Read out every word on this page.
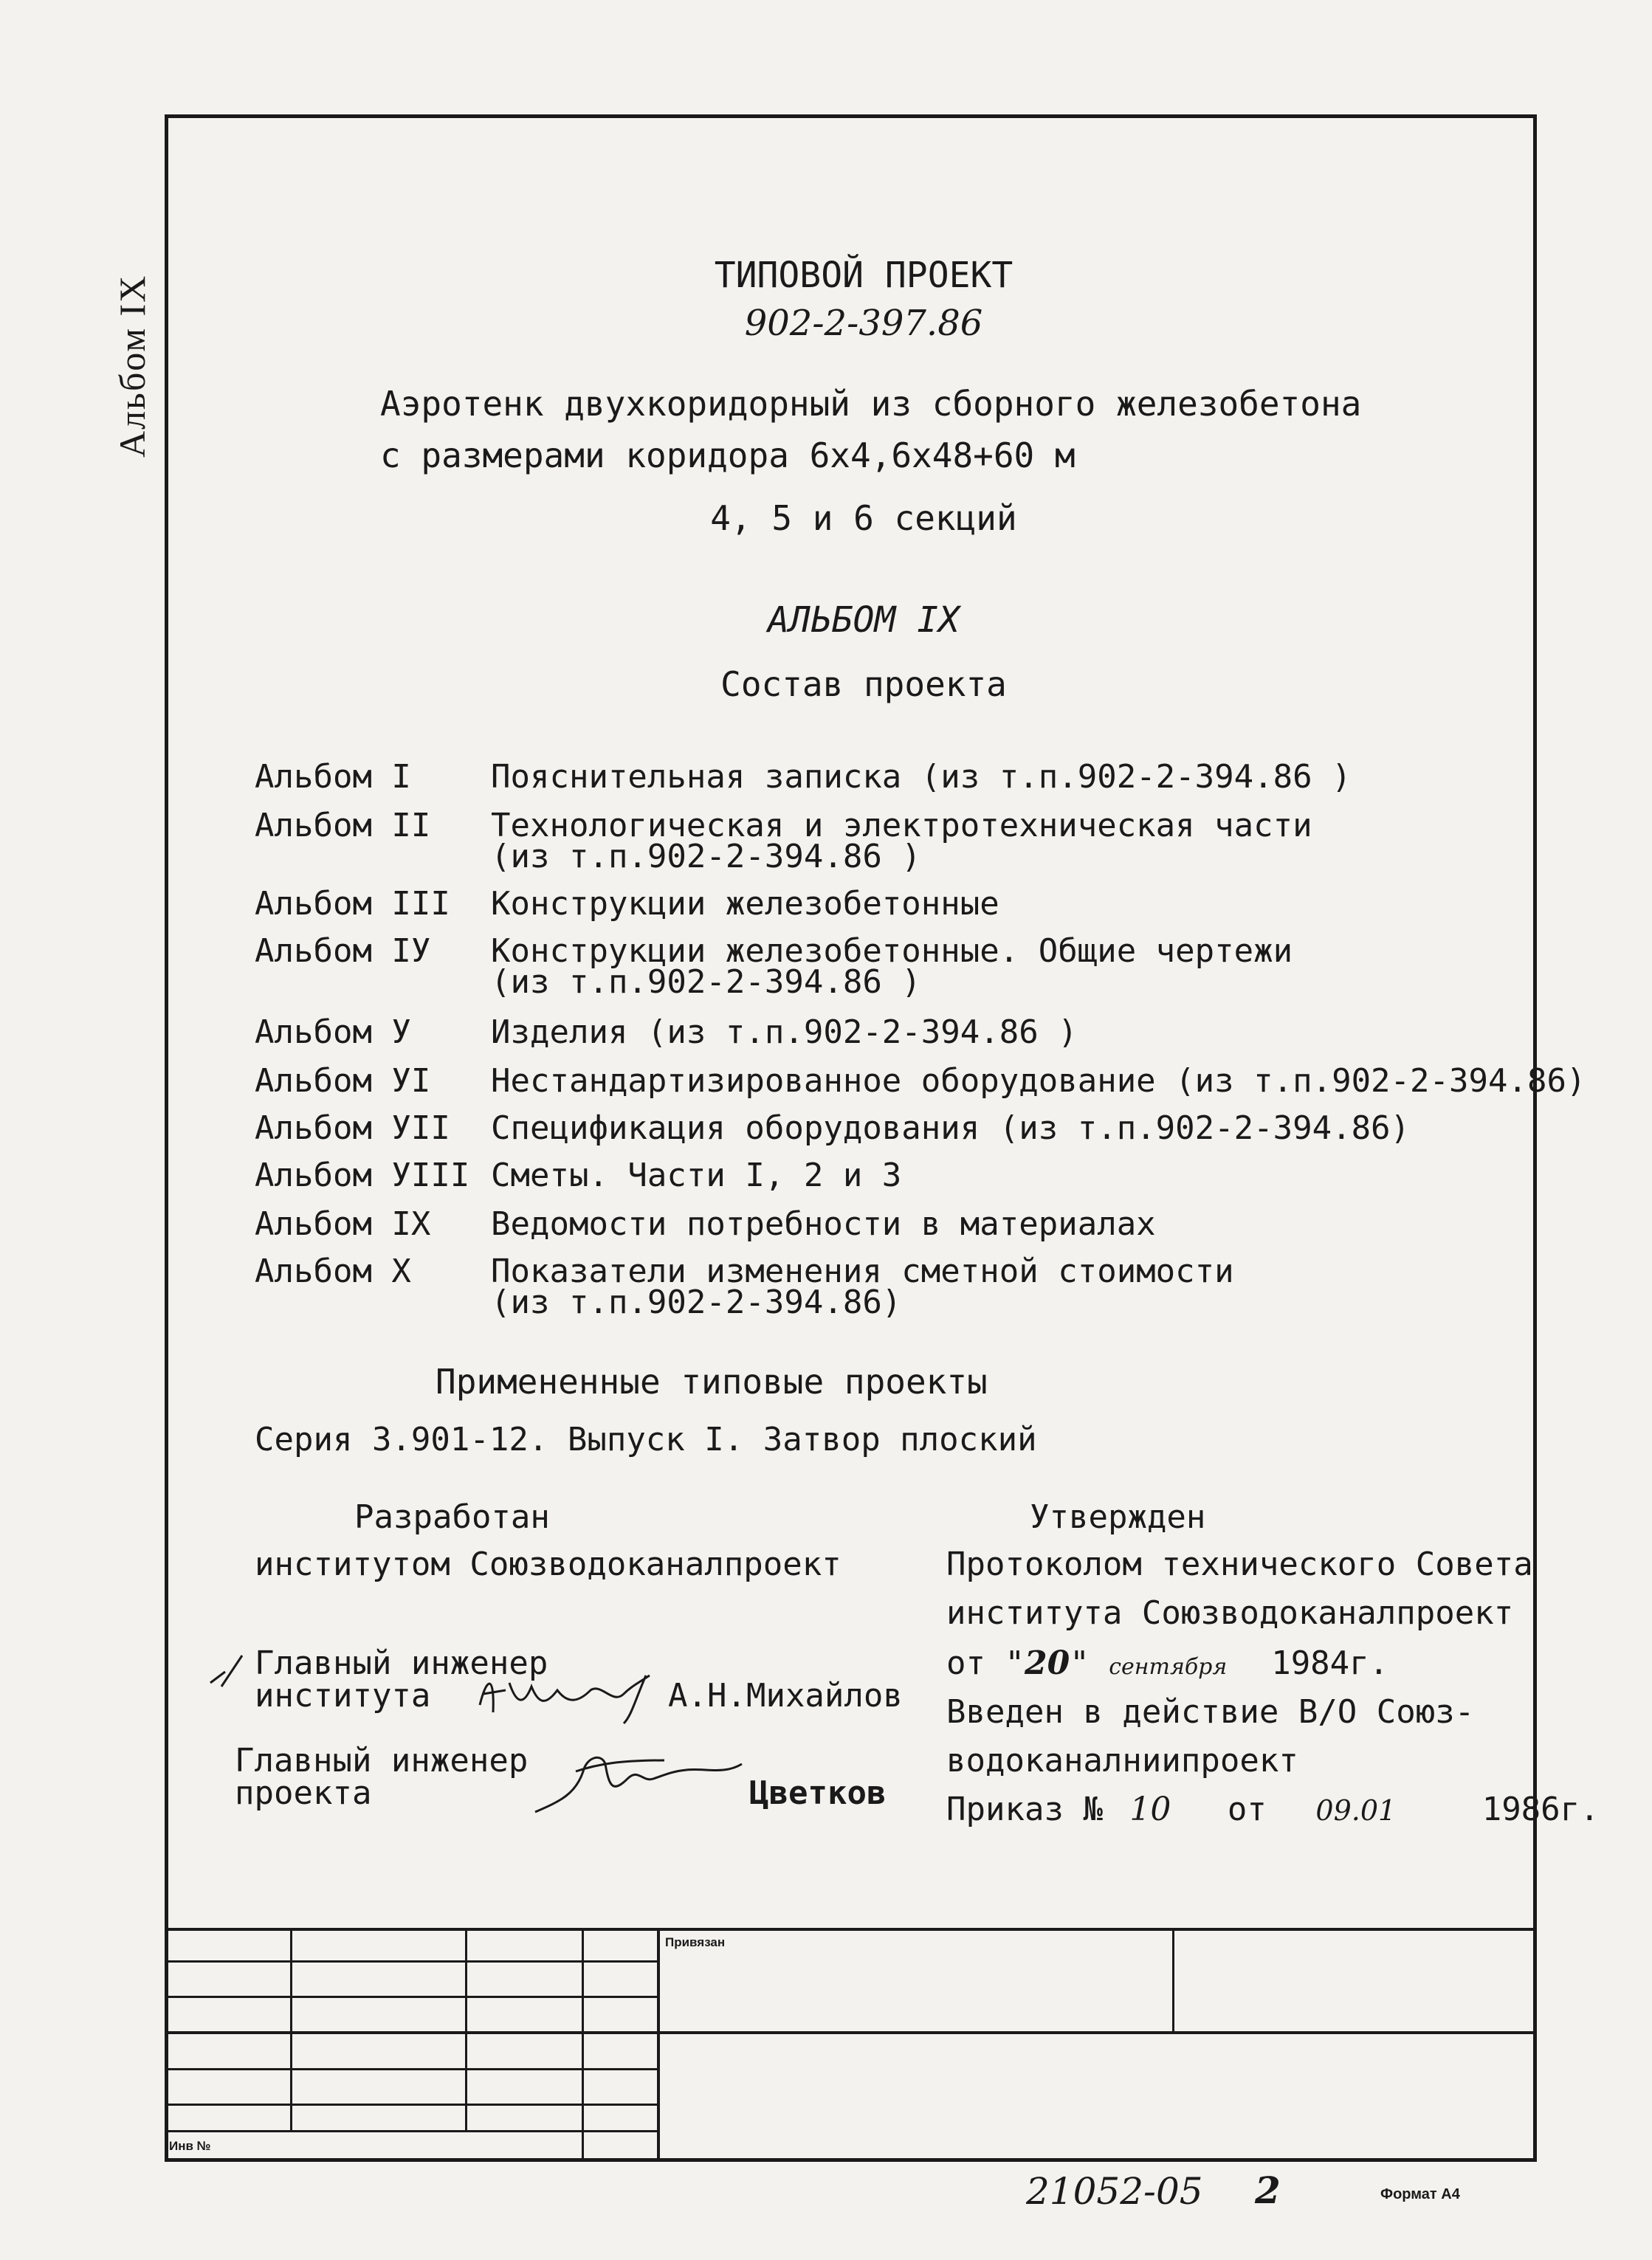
Альбом IX	ТИПОВОЙ ПРОЕКТ
902-2-397.86
Аэротенк двухкоридорный из сборного железобетона
с размерами коридора 6х4,6х48+60 м
4, 5 и 6 секций
АЛЬБОМ IX
Состав проекта
Альбом I	Пояснительная записка (из т.п.902-2-394.86 )
Альбом II	Технологическая и электротехническая части
(из т.п.902-2-394.86 )
Альбом III	Конструкции железобетонные
Альбом IУ	Конструкции железобетонные. Общие чертежи
(из т.п.902-2-394.86 )
Альбом У	Изделия (из т.п.902-2-394.86 )
Альбом УI	Нестандартизированное оборудование (из т.п.902-2-394.86)
Альбом УII	Спецификация оборудования (из т.п.902-2-394.86)
Альбом УIII Сметы. Части I, 2 и 3
Альбом IX	Ведомости потребности в материалах
Альбом X	Показатели изменения сметной стоимости
(из т.п.902-2-394.86)
Примененные типовые проекты
Серия 3.901-12. Выпуск I. Затвор плоский
Разработан
институтом Союзводоканалпроект
Главный инженер
института	А.Н.Михайлов
Главный инженер
проекта	Цветков
Утвержден
Протоколом технического Совета
института Союзводоканалпроект
от "20" сентября 1984г.
Введен в действие В/О Союз-
водоканалниипроект
Приказ № 10 от 09.01	1986г.
Привязан
Инв №
21052-05 2	Формат А4
